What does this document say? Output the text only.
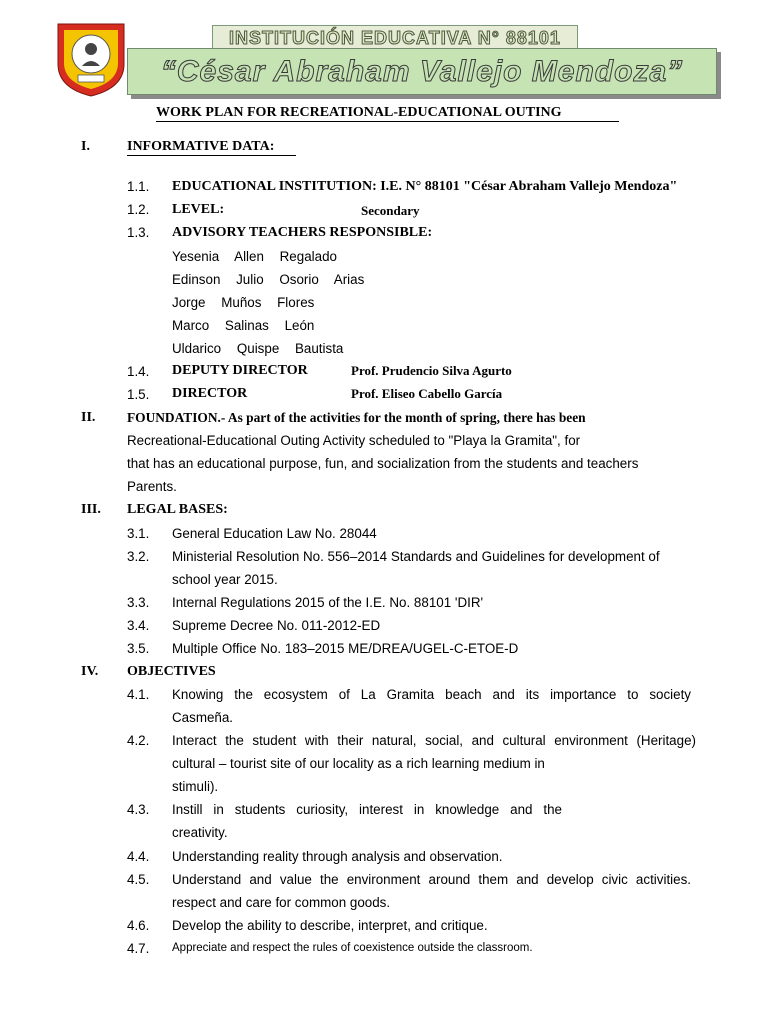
INSTITUCIÓN EDUCATIVA N° 88101
“César Abraham Vallejo Mendoza”
WORK PLAN FOR RECREATIONAL-EDUCATIONAL OUTING
I.	INFORMATIVE DATA:
1.1. EDUCATIONAL INSTITUTION: I.E. N° 88101 "César Abraham Vallejo Mendoza"
1.2. LEVEL:	Secondary
1.3. ADVISORY TEACHERS RESPONSIBLE:
Yesenia Allen Regalado
Edinson Julio Osorio Arias
Jorge Muños Flores
Marco Salinas León
Uldarico Quispe Bautista
1.4. DEPUTY DIRECTOR	Prof. Prudencio Silva Agurto
1.5. DIRECTOR	Prof. Eliseo Cabello García
II. FOUNDATION.- As part of the activities for the month of spring, there has been
Recreational-Educational Outing Activity scheduled to "Playa la Gramita", for
that has an educational purpose, fun, and socialization from the students and teachers
Parents.
III. LEGAL BASES:
3.1. General Education Law No. 28044
3.2. Ministerial Resolution No. 556–2014 Standards and Guidelines for development of
school year 2015.
3.3. Internal Regulations 2015 of the I.E. No. 88101 'DIR'
3.4. Supreme Decree No. 011-2012-ED
3.5. Multiple Office No. 183–2015 ME/DREA/UGEL-C-ETOE-D
IV. OBJECTIVES
4.1. Knowing the ecosystem of La Gramita beach and its importance to society
Casmeña.
4.2. Interact the student with their natural, social, and cultural environment (Heritage)
cultural – tourist site of our locality as a rich learning medium in
stimuli).
4.3. Instill in students curiosity, interest in knowledge and the
creativity.
4.4. Understanding reality through analysis and observation.
4.5. Understand and value the environment around them and develop civic activities.
respect and care for common goods.
4.6. Develop the ability to describe, interpret, and critique.
4.7. Appreciate and respect the rules of coexistence outside the classroom.
